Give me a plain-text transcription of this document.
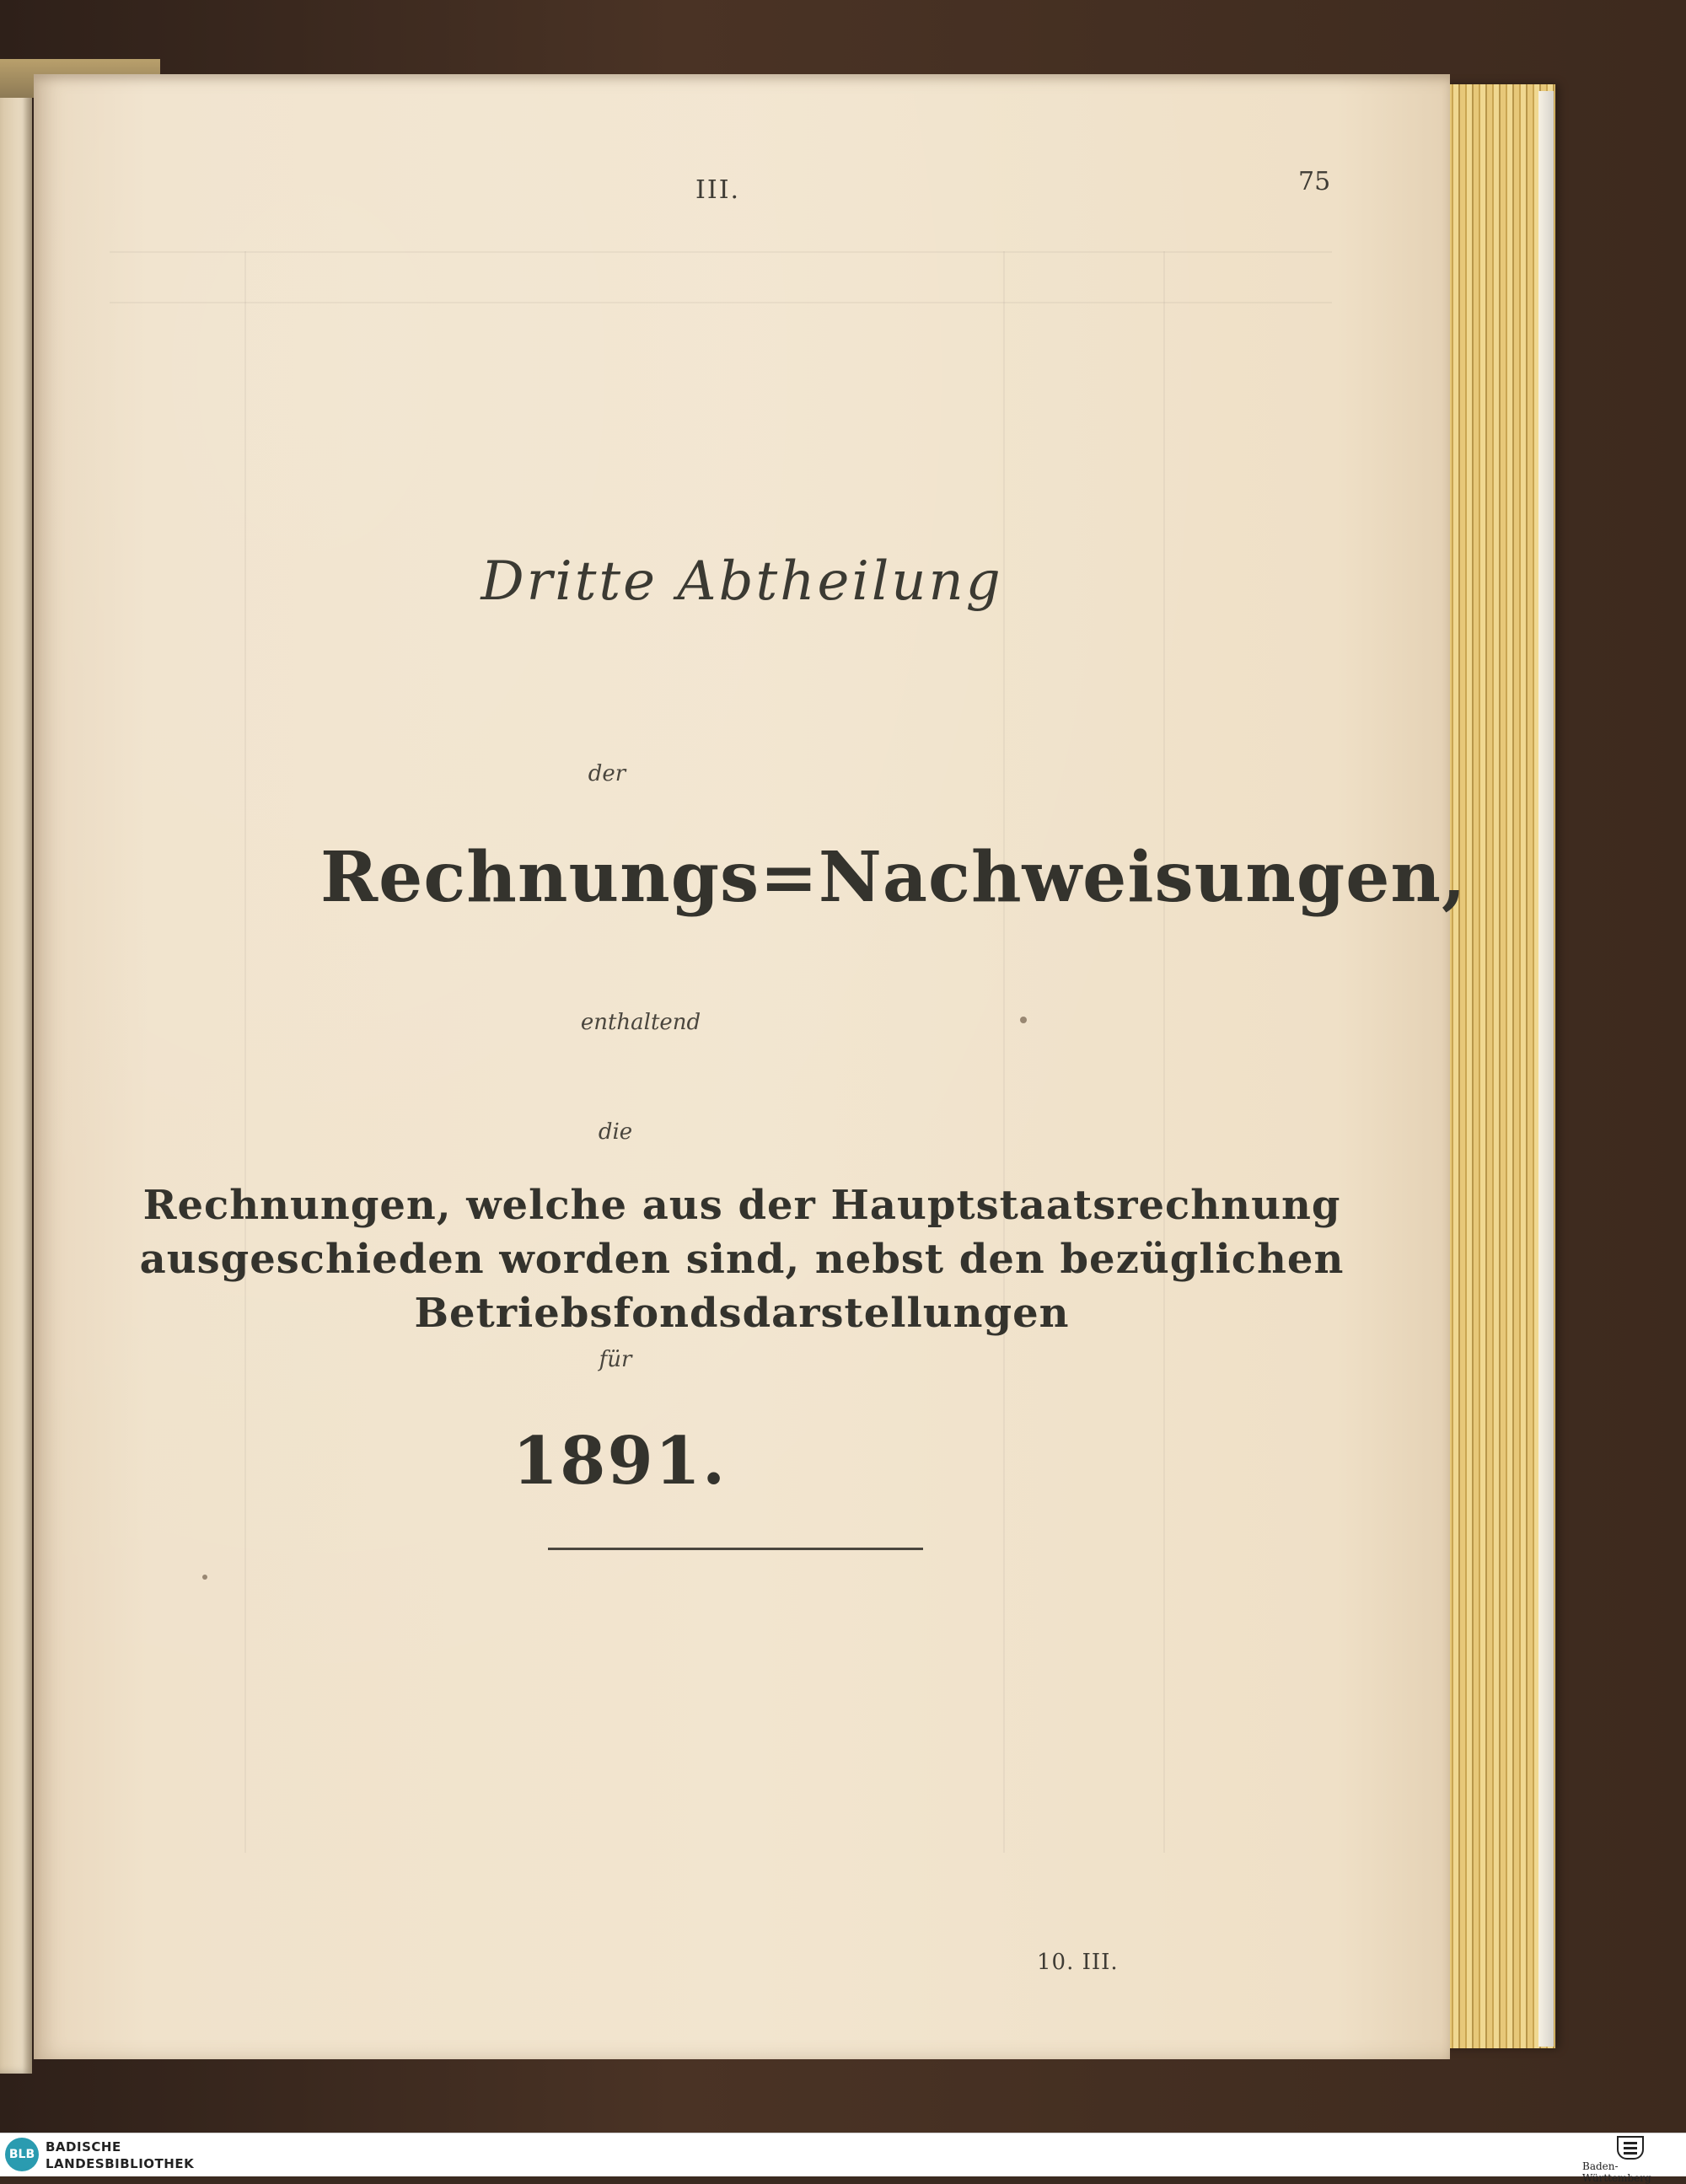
III.	75
Dritte Abtheilung
der
Rechnungs=Nachweisungen,
enthaltend
die
Rechnungen, welche aus der Hauptstaatsrechnung ausgeschieden worden sind, nebst den bezüglichen Betriebsfondsdarstellungen
für
1891.
10. III.
BLB BADISCHE
LANDESBIBLIOTHEK	Baden-Württemberg
